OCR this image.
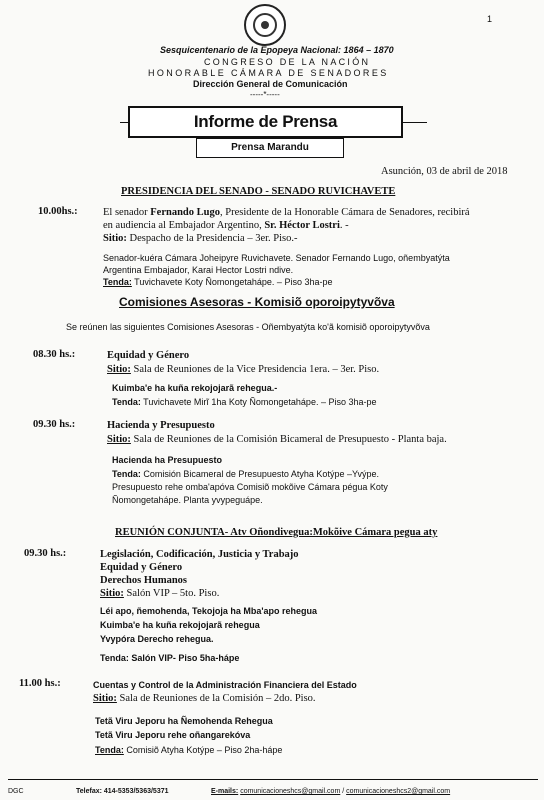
1
Sesquicentenario de la Epopeya Nacional: 1864 – 1870
CONGRESO DE LA NACIÓN
HONORABLE CÁMARA DE SENADORES
Dirección General de Comunicación
-----*-----
Informe de Prensa
Prensa Marandu
Asunción, 03 de abril de 2018
PRESIDENCIA DEL SENADO - SENADO RUVICHAVETE
10.00hs.: El senador Fernando Lugo, Presidente de la Honorable Cámara de Senadores, recibirá
en audiencia al Embajador Argentino, Sr. Héctor Lostri. -
Sitio: Despacho de la Presidencia – 3er. Piso.-
Senador-kuéra Cámara Joheipyre Ruvichavete. Senador Fernando Lugo, oñembyatýta
Argentina Embajador, Karai Hector Lostri ndive.
Tenda: Tuvichavete Koty Ñomongetahápe. – Piso 3ha-pe
Comisiones Asesoras - Komisiõ oporoipytyvõva
Se reúnen las siguientes Comisiones Asesoras - Oñembyatýta ko'ã komisiõ oporoipytyvõva
08.30 hs.:	Equidad y Género
Sitio: Sala de Reuniones de la Vice Presidencia 1era. – 3er. Piso.
Kuimba'e ha kuña rekojojarã rehegua.-
Tenda: Tuvichavete Mirĩ 1ha Koty Ñomongetahápe. – Piso 3ha-pe
09.30 hs.:	Hacienda y Presupuesto
Sitio: Sala de Reuniones de la Comisión Bicameral de Presupuesto - Planta baja.
Hacienda ha Presupuesto
Tenda: Comisión Bicameral de Presupuesto Atyha Kotýpe –Yvýpe.
Presupuesto rehe omba'apóva Comisiõ mokõive Cámara pégua Koty
Ñomongetahápe. Planta yvypeguápe.
REUNIÓN CONJUNTA- Atv Oñondivegua:Mokõive Cámara pegua aty
09.30 hs.:	Legislación, Codificación, Justicia y Trabajo
Equidad y Género
Derechos Humanos
Sitio: Salón VIP – 5to. Piso.
Léi apo, ñemohenda, Tekojoja ha Mba'apo rehegua
Kuimba'e ha kuña rekojojarã rehegua
Yvypóra Derecho rehegua.
Tenda: Salón VIP- Piso 5ha-hápe
11.00 hs.:	Cuentas y Control de la Administración Financiera del Estado
Sitio: Sala de Reuniones de la Comisión – 2do. Piso.
Tetã Viru Jeporu ha Ñemohenda Rehegua
Tetã Viru Jeporu rehe oñangarekóva
Tenda: Comisiõ Atyha Kotýpe – Piso 2ha-hápe
DGC	Telefax: 414-5353/5363/5371	E-mails: comunicacioneshcs@gmail.com / comunicacioneshcs2@gmail.com
